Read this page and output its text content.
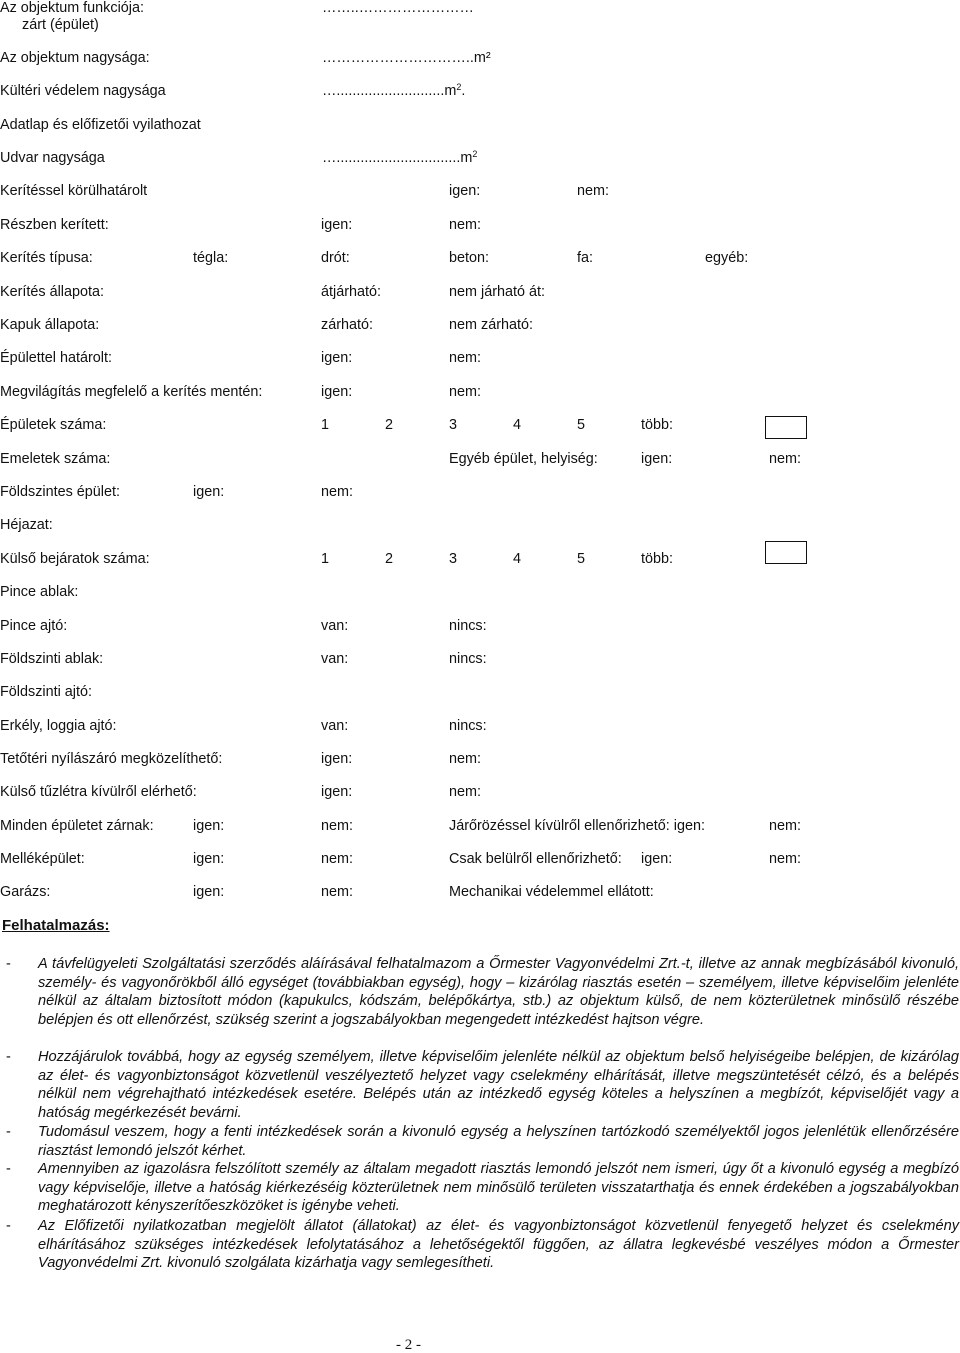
Az objektum funkciója:	……..……………………
zárt (épület)
Az objektum nagysága:	…………………………..m²
Kültéri védelem nagysága	$\dots...........................m^2$.
Adatlap és előfizetői vyilathozat
Udvar nagysága	$\dots...............................m^2$
Kerítéssel körülhatárolt	igen:	nem:
Részben kerített:	igen:	nem:
Kerítés típusa:	tégla:	drót:	beton:	fa:	egyéb:
Kerítés állapota:	átjárható:	nem járható át:
Kapuk állapota:	zárható:	nem zárható:
Épülettel határolt:	igen:	nem:
Megvilágítás megfelelő a kerítés mentén:	igen:	nem:
Épületek száma:	1	2	3	4	5	több:
Emeletek száma:	Egyéb épület, helyiség:	igen:	nem:
Földszintes épület:	igen:	nem:
Héjazat:
Külső bejáratok száma:	1	2	3	4	5	több:
Pince ablak:
Pince ajtó:	van:	nincs:
Földszinti ablak:	van:	nincs:
Földszinti ajtó:
Erkély, loggia ajtó:	van:	nincs:
Tetőtéri nyílászáró megközelíthető:	igen:	nem:
Külső tűzlétra kívülről elérhető:	igen:	nem:
Minden épületet zárnak:	igen:	nem:	Járőrözéssel kívülről ellenőrizhető: igen:	nem:
Melléképület:	igen:	nem:	Csak belülről ellenőrizhető: igen:	nem:
Garázs:	igen:	nem:	Mechanikai védelemmel ellátott:
Felhatalmazás:
- A távfelügyeleti Szolgáltatási szerződés aláírásával felhatalmazom a Őrmester Vagyonvédelmi Zrt.-t, illetve az annak megbízásából kivonuló, személy- és vagyonőrökből álló egységet (továbbiakban egység), hogy – kizárólag riasztás esetén – személyem, illetve képviselőim jelenléte nélkül az általam biztosított módon (kapukulcs, kódszám, belépőkártya, stb.) az objektum külső, de nem közterületnek minősülő részébe belépjen és ott ellenőrzést, szükség szerint a jogszabályokban megengedett intézkedést hajtson végre.
- Hozzájárulok továbbá, hogy az egység személyem, illetve képviselőim jelenléte nélkül az objektum belső helyiségeibe belépjen, de kizárólag az élet- és vagyonbiztonságot közvetlenül veszélyeztető helyzet vagy cselekmény elhárítását, illetve megszüntetését célzó, és a belépés nélkül nem végrehajtható intézkedések esetére. Belépés után az intézkedő egység köteles a helyszínen a megbízót, képviselőjét vagy a hatóság megérkezését bevárni.
- Tudomásul veszem, hogy a fenti intézkedések során a kivonuló egység a helyszínen tartózkodó személyektől jogos jelenlétük ellenőrzésére riasztást lemondó jelszót kérhet.
- Amennyiben az igazolásra felszólított személy az általam megadott riasztás lemondó jelszót nem ismeri, úgy őt a kivonuló egység a megbízó vagy képviselője, illetve a hatóság kiérkezéséig közterületnek nem minősülő területen visszatarthatja és ennek érdekében a jogszabályokban meghatározott kényszerítőeszközöket is igénybe veheti.
- Az Előfizetői nyilatkozatban megjelölt állatot (állatokat) az élet- és vagyonbiztonságot közvetlenül fenyegető helyzet és cselekmény elhárításához szükséges intézkedések lefolytatásához a lehetőségektől függően, az állatra legkevésbé veszélyes módon a Őrmester Vagyonvédelmi Zrt. kivonuló szolgálata kizárhatja vagy semlegesítheti.
- 2 -
